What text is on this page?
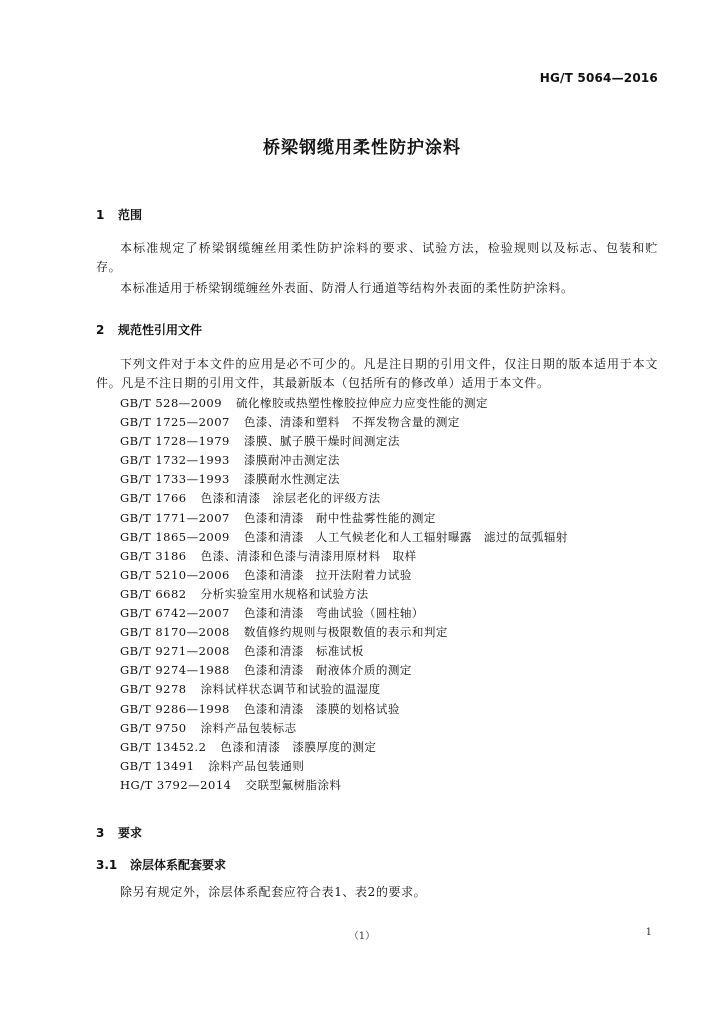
HG/T 5064—2016
桥梁钢缆用柔性防护涂料
1 范围
本标准规定了桥梁钢缆缠丝用柔性防护涂料的要求、试验方法，检验规则以及标志、包装和贮存。
本标准适用于桥梁钢缆缠丝外表面、防滑人行通道等结构外表面的柔性防护涂料。
2 规范性引用文件
下列文件对于本文件的应用是必不可少的。凡是注日期的引用文件，仅注日期的版本适用于本文件。凡是不注日期的引用文件，其最新版本（包括所有的修改单）适用于本文件。
GB/T 528—2009 硫化橡胶或热塑性橡胶拉伸应力应变性能的测定
GB/T 1725—2007 色漆、清漆和塑料　不挥发物含量的测定
GB/T 1728—1979 漆膜、腻子膜干燥时间测定法
GB/T 1732—1993 漆膜耐冲击测定法
GB/T 1733—1993 漆膜耐水性测定法
GB/T 1766 色漆和清漆　涂层老化的评级方法
GB/T 1771—2007 色漆和清漆　耐中性盐雾性能的测定
GB/T 1865—2009 色漆和清漆　人工气候老化和人工辐射曝露　滤过的氙弧辐射
GB/T 3186 色漆、清漆和色漆与清漆用原材料　取样
GB/T 5210—2006 色漆和清漆　拉开法附着力试验
GB/T 6682 分析实验室用水规格和试验方法
GB/T 6742—2007 色漆和清漆　弯曲试验（圆柱轴）
GB/T 8170—2008 数值修约规则与极限数值的表示和判定
GB/T 9271—2008 色漆和清漆　标准试板
GB/T 9274—1988 色漆和清漆　耐液体介质的测定
GB/T 9278 涂料试样状态调节和试验的温湿度
GB/T 9286—1998 色漆和清漆　漆膜的划格试验
GB/T 9750 涂料产品包装标志
GB/T 13452.2 色漆和清漆　漆膜厚度的测定
GB/T 13491 涂料产品包装通则
HG/T 3792—2014 交联型氟树脂涂料
3 要求
3.1 涂层体系配套要求
除另有规定外，涂层体系配套应符合表1、表2的要求。
（1）	1
